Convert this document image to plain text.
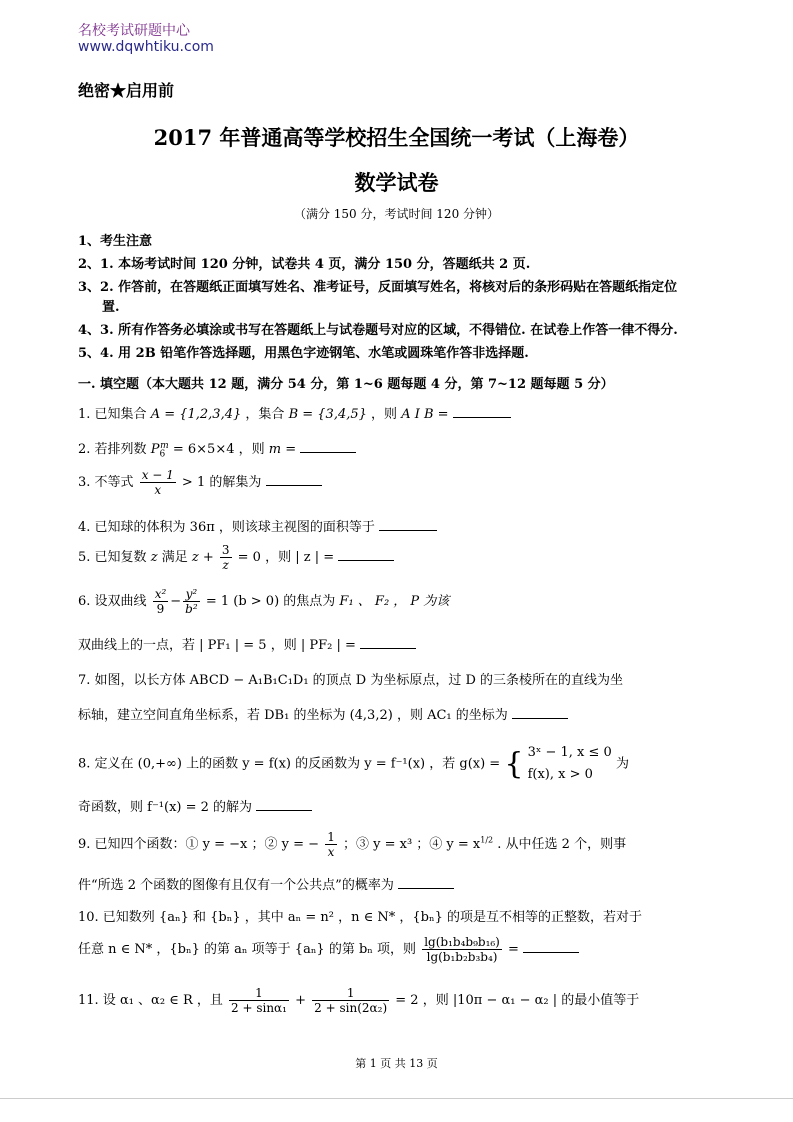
名校考试研题中心
www.dqwhtiku.com
绝密★启用前
2017 年普通高等学校招生全国统一考试（上海卷）
数学试卷
（满分 150 分，考试时间 120 分钟）
1、考生注意
2、1. 本场考试时间 120 分钟，试卷共 4 页，满分 150 分，答题纸共 2 页.
3、2. 作答前，在答题纸正面填写姓名、准考证号，反面填写姓名，将核对后的条形码贴在答题纸指定位
置.
4、3. 所有作答务必填涂或书写在答题纸上与试卷题号对应的区域，不得错位. 在试卷上作答一律不得分.
5、4. 用 2B 铅笔作答选择题，用黑色字迹钢笔、水笔或圆珠笔作答非选择题.
一. 填空题（本大题共 12 题，满分 54 分，第 1~6 题每题 4 分，第 7~12 题每题 5 分）
1. 已知集合 A = {1,2,3,4} ，集合 B = {3,4,5} ，则 A I B =
2. 若排列数 $P_6^m = 6\times 5\times 4$ ，则 m =
3. 不等式 $\frac{x - 1}{x} > 1$ 的解集为
4. 已知球的体积为 36π ，则该球主视图的面积等于
5. 已知复数 z 满足 $z + \frac{3}{z} = 0$ ，则 | z | =
6. 设双曲线 $\frac{\text{x²}}{9} - \frac{\text{y²}}{\text{b²}} = 1$ (b > 0) 的焦点为 F₁ 、 F₂ ， P 为该
双曲线上的一点，若 | PF₁ | = 5 ，则 | PF₂ | =
7. 如图，以长方体 ABCD − A₁B₁C₁D₁ 的顶点 D 为坐标原点，过 D 的三条棱所在的直线为坐
标轴，建立空间直角坐标系，若 DB₁ 的坐标为 (4,3,2) ，则 AC₁ 的坐标为
8. 定义在 (0,+∞) 上的函数 y = f(x) 的反函数为 y = f⁻¹(x) ，若 g(x) = { 3ˣ − 1, x ≤ 0
f(x), x > 0
为
奇函数，则 f⁻¹(x) = 2 的解为
9. 已知四个函数：① y = −x ；② y = − $\frac{1}{x}$ ；③ y = x³ ；④ $y = x^{1/2}$ . 从中任选 2 个，则事
件“所选 2 个函数的图像有且仅有一个公共点”的概率为
10. 已知数列 {aₙ} 和 {bₙ} ，其中 aₙ = n² ，n ∈ N* ，{bₙ} 的项是互不相等的正整数，若对于
任意 n ∈ N* ，{bₙ} 的第 aₙ 项等于 {aₙ} 的第 bₙ 项，则 $\frac{\text{lg(b₁b₄b₉b₁₆)}}{\text{lg(b₁b₂b₃b₄)}}$ =
11. 设 α₁ 、α₂ ∈ R ，且 $\frac{1}{\text{2 + sinα₁}} + \frac{1}{\text{2 + sin(2α₂)}} = 2$ ，则 |10π − α₁ − α₂ | 的最小值等于
第 1 页 共 13 页
